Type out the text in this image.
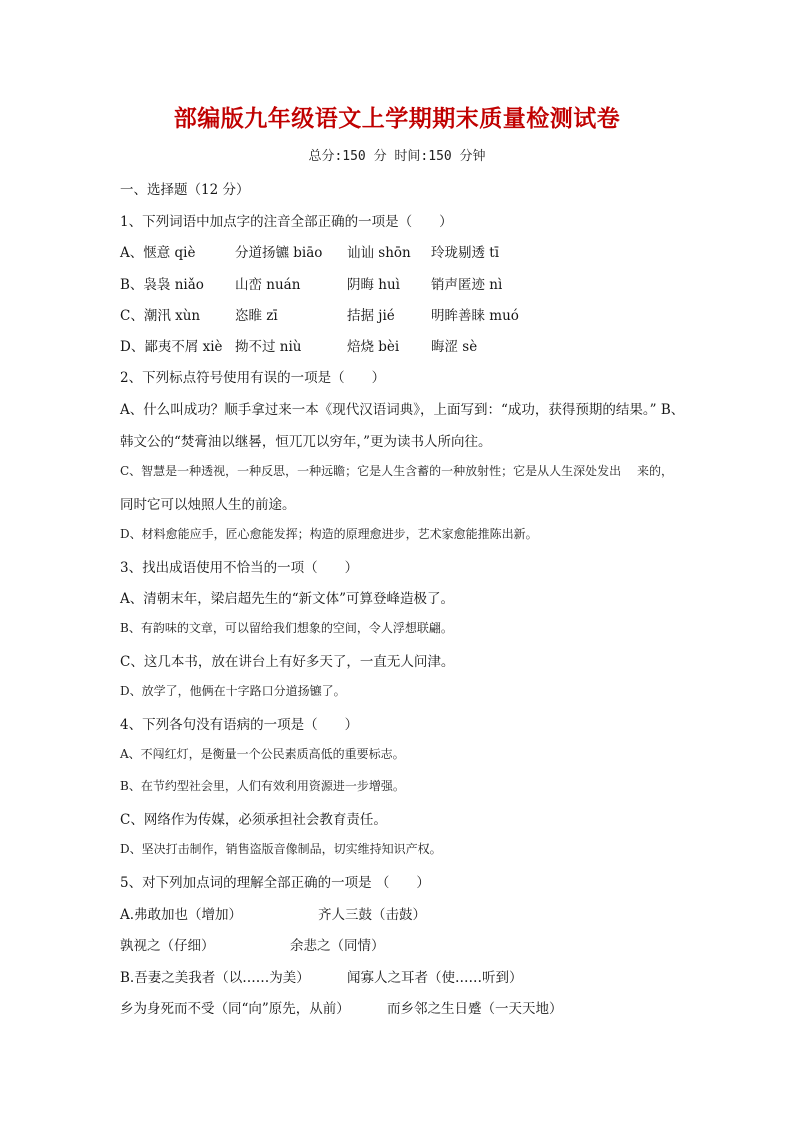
部编版九年级语文上学期期末质量检测试卷
总分:150 分 时间:150 分钟
一、选择题（12 分）
1、下列词语中加点字的注音全部正确的一项是（　　）
A、惬意 qiè	分道扬镳 biāo 讪讪 shōn 玲珑剔透 tī
B、袅袅 niǎo 山峦 nuán	阴晦 huì 销声匿迹 nì
C、潮汛 xùn	恣睢 zī	拮据 jié	明眸善睐 muó
D、鄙夷不屑 xiè 拗不过 niù	焙烧 bèi 晦涩 sè
2、下列标点符号使用有误的一项是（　　）
A、什么叫成功？顺手拿过来一本《现代汉语词典》，上面写到：“成功，获得预期的结果。” B、
韩文公的“焚膏油以继晷，恒兀兀以穷年，”更为读书人所向往。
C、智慧是一种透视，一种反思，一种远瞻；它是人生含蓄的一种放射性；它是从人生深处发出　 来的，
同时它可以烛照人生的前途。
D、材料愈能应手，匠心愈能发挥；构造的原理愈进步，艺术家愈能推陈出新。
3、找出成语使用不恰当的一项（　　）
A、清朝末年，梁启超先生的“新文体”可算登峰造极了。
B、有韵味的文章，可以留给我们想象的空间，令人浮想联翩。
C、这几本书，放在讲台上有好多天了，一直无人问津。
D、放学了，他俩在十字路口分道扬镳了。
4、下列各句没有语病的一项是（　　）
A、不闯红灯，是衡量一个公民素质高低的重要标志。
B、在节约型社会里，人们有效利用资源进一步增强。
C、网络作为传媒，必须承担社会教育责任。
D、坚决打击制作，销售盗版音像制品，切实维持知识产权。
5、对下列加点词的理解全部正确的一项是 （　　）
A.弗敢加也（增加）	齐人三鼓（击鼓）
孰视之（仔细）	余悲之（同情）
B.吾妻之美我者（以……为美）	闻寡人之耳者（使……听到）
乡为身死而不受（同“向”原先，从前）	而乡邻之生日蹙（一天天地）
